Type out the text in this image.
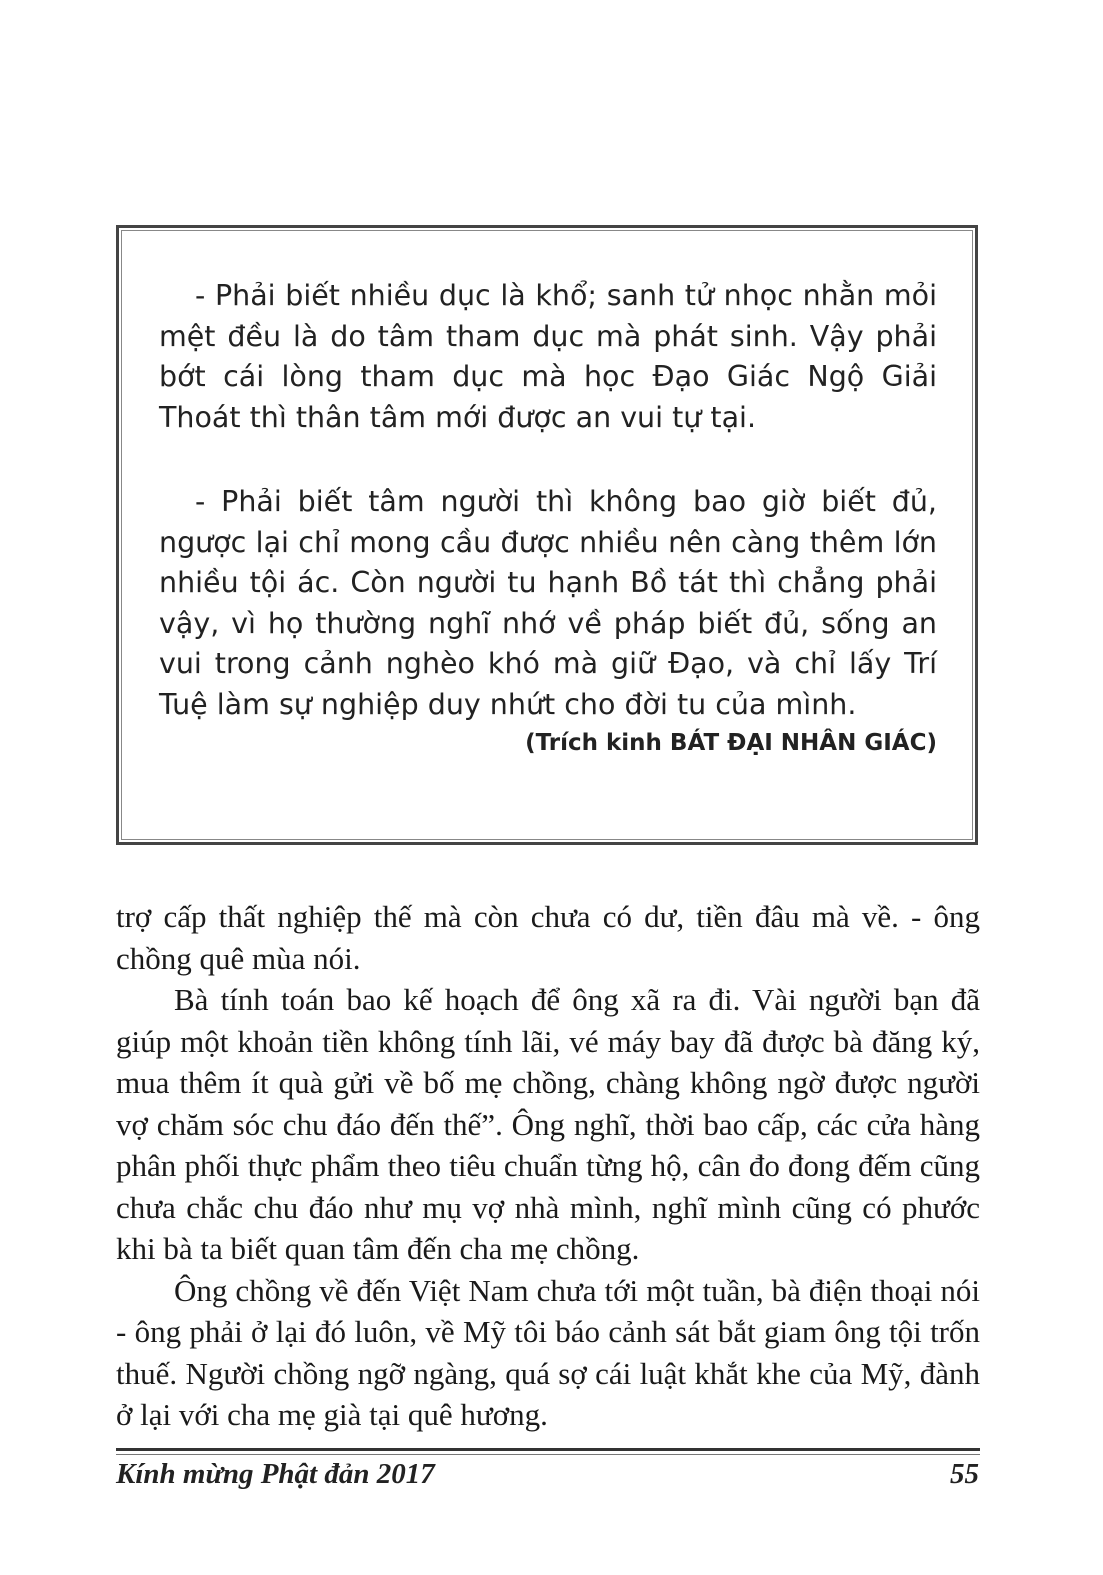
- Phải biết nhiều dục là khổ; sanh tử nhọc nhằn mỏi mệt đều là do tâm tham dục mà phát sinh. Vậy phải bớt cái lòng tham dục mà học Đạo Giác Ngộ Giải Thoát thì thân tâm mới được an vui tự tại.

- Phải biết tâm người thì không bao giờ biết đủ, ngược lại chỉ mong cầu được nhiều nên càng thêm lớn nhiều tội ác. Còn người tu hạnh Bồ tát thì chẳng phải vậy, vì họ thường nghĩ nhớ về pháp biết đủ, sống an vui trong cảnh nghèo khó mà giữ Đạo, và chỉ lấy Trí Tuệ làm sự nghiệp duy nhứt cho đời tu của mình.

(Trích kinh BÁT ĐẠI NHÂN GIÁC)

trợ cấp thất nghiệp thế mà còn chưa có dư, tiền đâu mà về. - ông chồng quê mùa nói.

Bà tính toán bao kế hoạch để ông xã ra đi. Vài người bạn đã giúp một khoản tiền không tính lãi, vé máy bay đã được bà đăng ký, mua thêm ít quà gửi về bố mẹ chồng, chàng không ngờ được người vợ chăm sóc chu đáo đến thế”. Ông nghĩ, thời bao cấp, các cửa hàng phân phối thực phẩm theo tiêu chuẩn từng hộ, cân đo đong đếm cũng chưa chắc chu đáo như mụ vợ nhà mình, nghĩ mình cũng có phước khi bà ta biết quan tâm đến cha mẹ chồng.

Ông chồng về đến Việt Nam chưa tới một tuần, bà điện thoại nói - ông phải ở lại đó luôn, về Mỹ tôi báo cảnh sát bắt giam ông tội trốn thuế. Người chồng ngỡ ngàng, quá sợ cái luật khắt khe của Mỹ, đành ở lại với cha mẹ già tại quê hương.

Kính mừng Phật đản 2017	55
